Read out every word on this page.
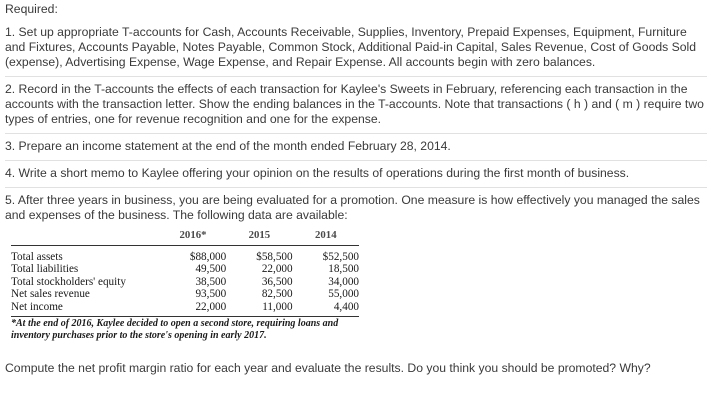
Required:
1. Set up appropriate T-accounts for Cash, Accounts Receivable, Supplies, Inventory, Prepaid Expenses, Equipment, Furniture and Fixtures, Accounts Payable, Notes Payable, Common Stock, Additional Paid-in Capital, Sales Revenue, Cost of Goods Sold (expense), Advertising Expense, Wage Expense, and Repair Expense. All accounts begin with zero balances.
2. Record in the T-accounts the effects of each transaction for Kaylee's Sweets in February, referencing each transaction in the accounts with the transaction letter. Show the ending balances in the T-accounts. Note that transactions ( h ) and ( m ) require two types of entries, one for revenue recognition and one for the expense.
3. Prepare an income statement at the end of the month ended February 28, 2014.
4. Write a short memo to Kaylee offering your opinion on the results of operations during the first month of business.
5. After three years in business, you are being evaluated for a promotion. One measure is how effectively you managed the sales and expenses of the business. The following data are available:
	2016*	2015	2014
Total assets	$88,000	$58,500	$52,500
Total liabilities	49,500	22,000	18,500
Total stockholders' equity	38,500	36,500	34,000
Net sales revenue	93,500	82,500	55,000
Net income	22,000	11,000	4,400
*At the end of 2016, Kaylee decided to open a second store, requiring loans and inventory purchases prior to the store's opening in early 2017.
Compute the net profit margin ratio for each year and evaluate the results. Do you think you should be promoted? Why?
